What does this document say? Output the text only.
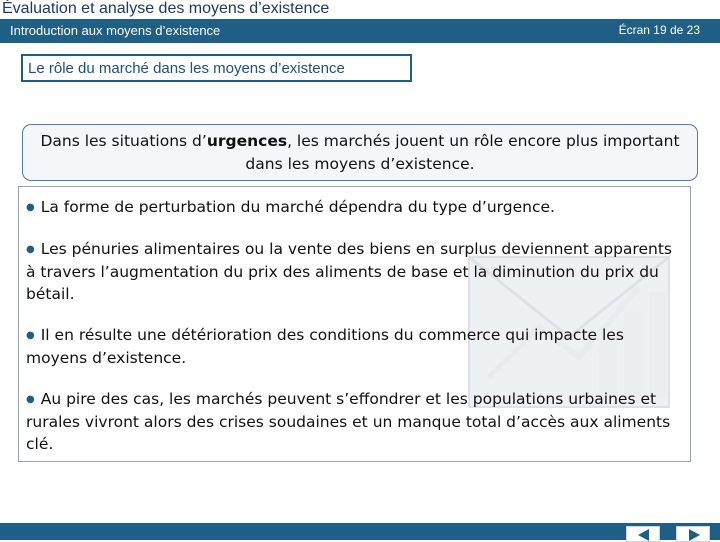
Évaluation et analyse des moyens d’existence
Introduction aux moyens d’existence	Écran 19 de 23
Le rôle du marché dans les moyens d’existence
Dans les situations d’urgences, les marchés jouent un rôle encore plus important dans les moyens d’existence.
● La forme de perturbation du marché dépendra du type d’urgence.
● Les pénuries alimentaires ou la vente des biens en surplus deviennent apparents à travers l’augmentation du prix des aliments de base et la diminution du prix du bétail.
● Il en résulte une détérioration des conditions du commerce qui impacte les moyens d’existence.
● Au pire des cas, les marchés peuvent s’effondrer et les populations urbaines et rurales vivront alors des crises soudaines et un manque total d’accès aux aliments clé.
